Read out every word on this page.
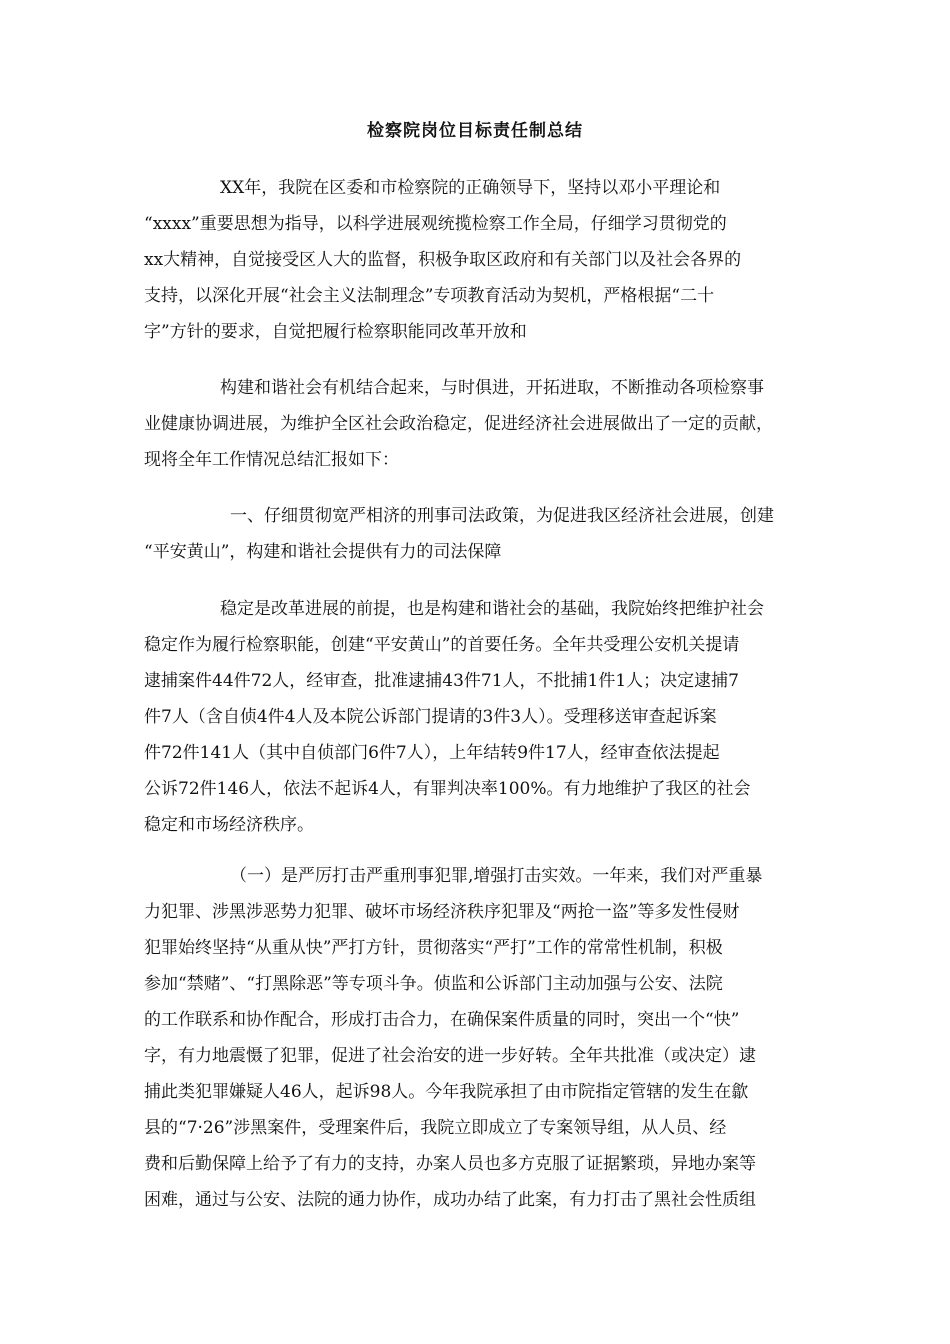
检察院岗位目标责任制总结
XX年，我院在区委和市检察院的正确领导下，坚持以邓小平理论和
“xxxx”重要思想为指导，以科学进展观统揽检察工作全局，仔细学习贯彻党的
xx大精神，自觉接受区人大的监督，积极争取区政府和有关部门以及社会各界的
支持，以深化开展“社会主义法制理念”专项教育活动为契机，严格根据“二十
字”方针的要求，自觉把履行检察职能同改革开放和
构建和谐社会有机结合起来，与时俱进，开拓进取，不断推动各项检察事
业健康协调进展，为维护全区社会政治稳定，促进经济社会进展做出了一定的贡献，
现将全年工作情况总结汇报如下：
一、仔细贯彻宽严相济的刑事司法政策，为促进我区经济社会进展，创建
“平安黄山”，构建和谐社会提供有力的司法保障
稳定是改革进展的前提，也是构建和谐社会的基础，我院始终把维护社会
稳定作为履行检察职能，创建“平安黄山”的首要任务。全年共受理公安机关提请
逮捕案件44件72人，经审查，批准逮捕43件71人，不批捕1件1人；决定逮捕7
件7人（含自侦4件4人及本院公诉部门提请的3件3人）。受理移送审查起诉案
件72件141人（其中自侦部门6件7人），上年结转9件17人，经审查依法提起
公诉72件146人，依法不起诉4人，有罪判决率100%。有力地维护了我区的社会
稳定和市场经济秩序。
（一）是严厉打击严重刑事犯罪,增强打击实效。一年来，我们对严重暴
力犯罪、涉黑涉恶势力犯罪、破坏市场经济秩序犯罪及“两抢一盗”等多发性侵财
犯罪始终坚持“从重从快”严打方针，贯彻落实“严打”工作的常常性机制，积极
参加“禁赌”、“打黑除恶”等专项斗争。侦监和公诉部门主动加强与公安、法院
的工作联系和协作配合，形成打击合力，在确保案件质量的同时，突出一个“快”
字，有力地震慑了犯罪，促进了社会治安的进一步好转。全年共批准（或决定）逮
捕此类犯罪嫌疑人46人，起诉98人。今年我院承担了由市院指定管辖的发生在歙
县的“7·26”涉黑案件，受理案件后，我院立即成立了专案领导组，从人员、经
费和后勤保障上给予了有力的支持，办案人员也多方克服了证据繁琐，异地办案等
困难，通过与公安、法院的通力协作，成功办结了此案，有力打击了黑社会性质组
